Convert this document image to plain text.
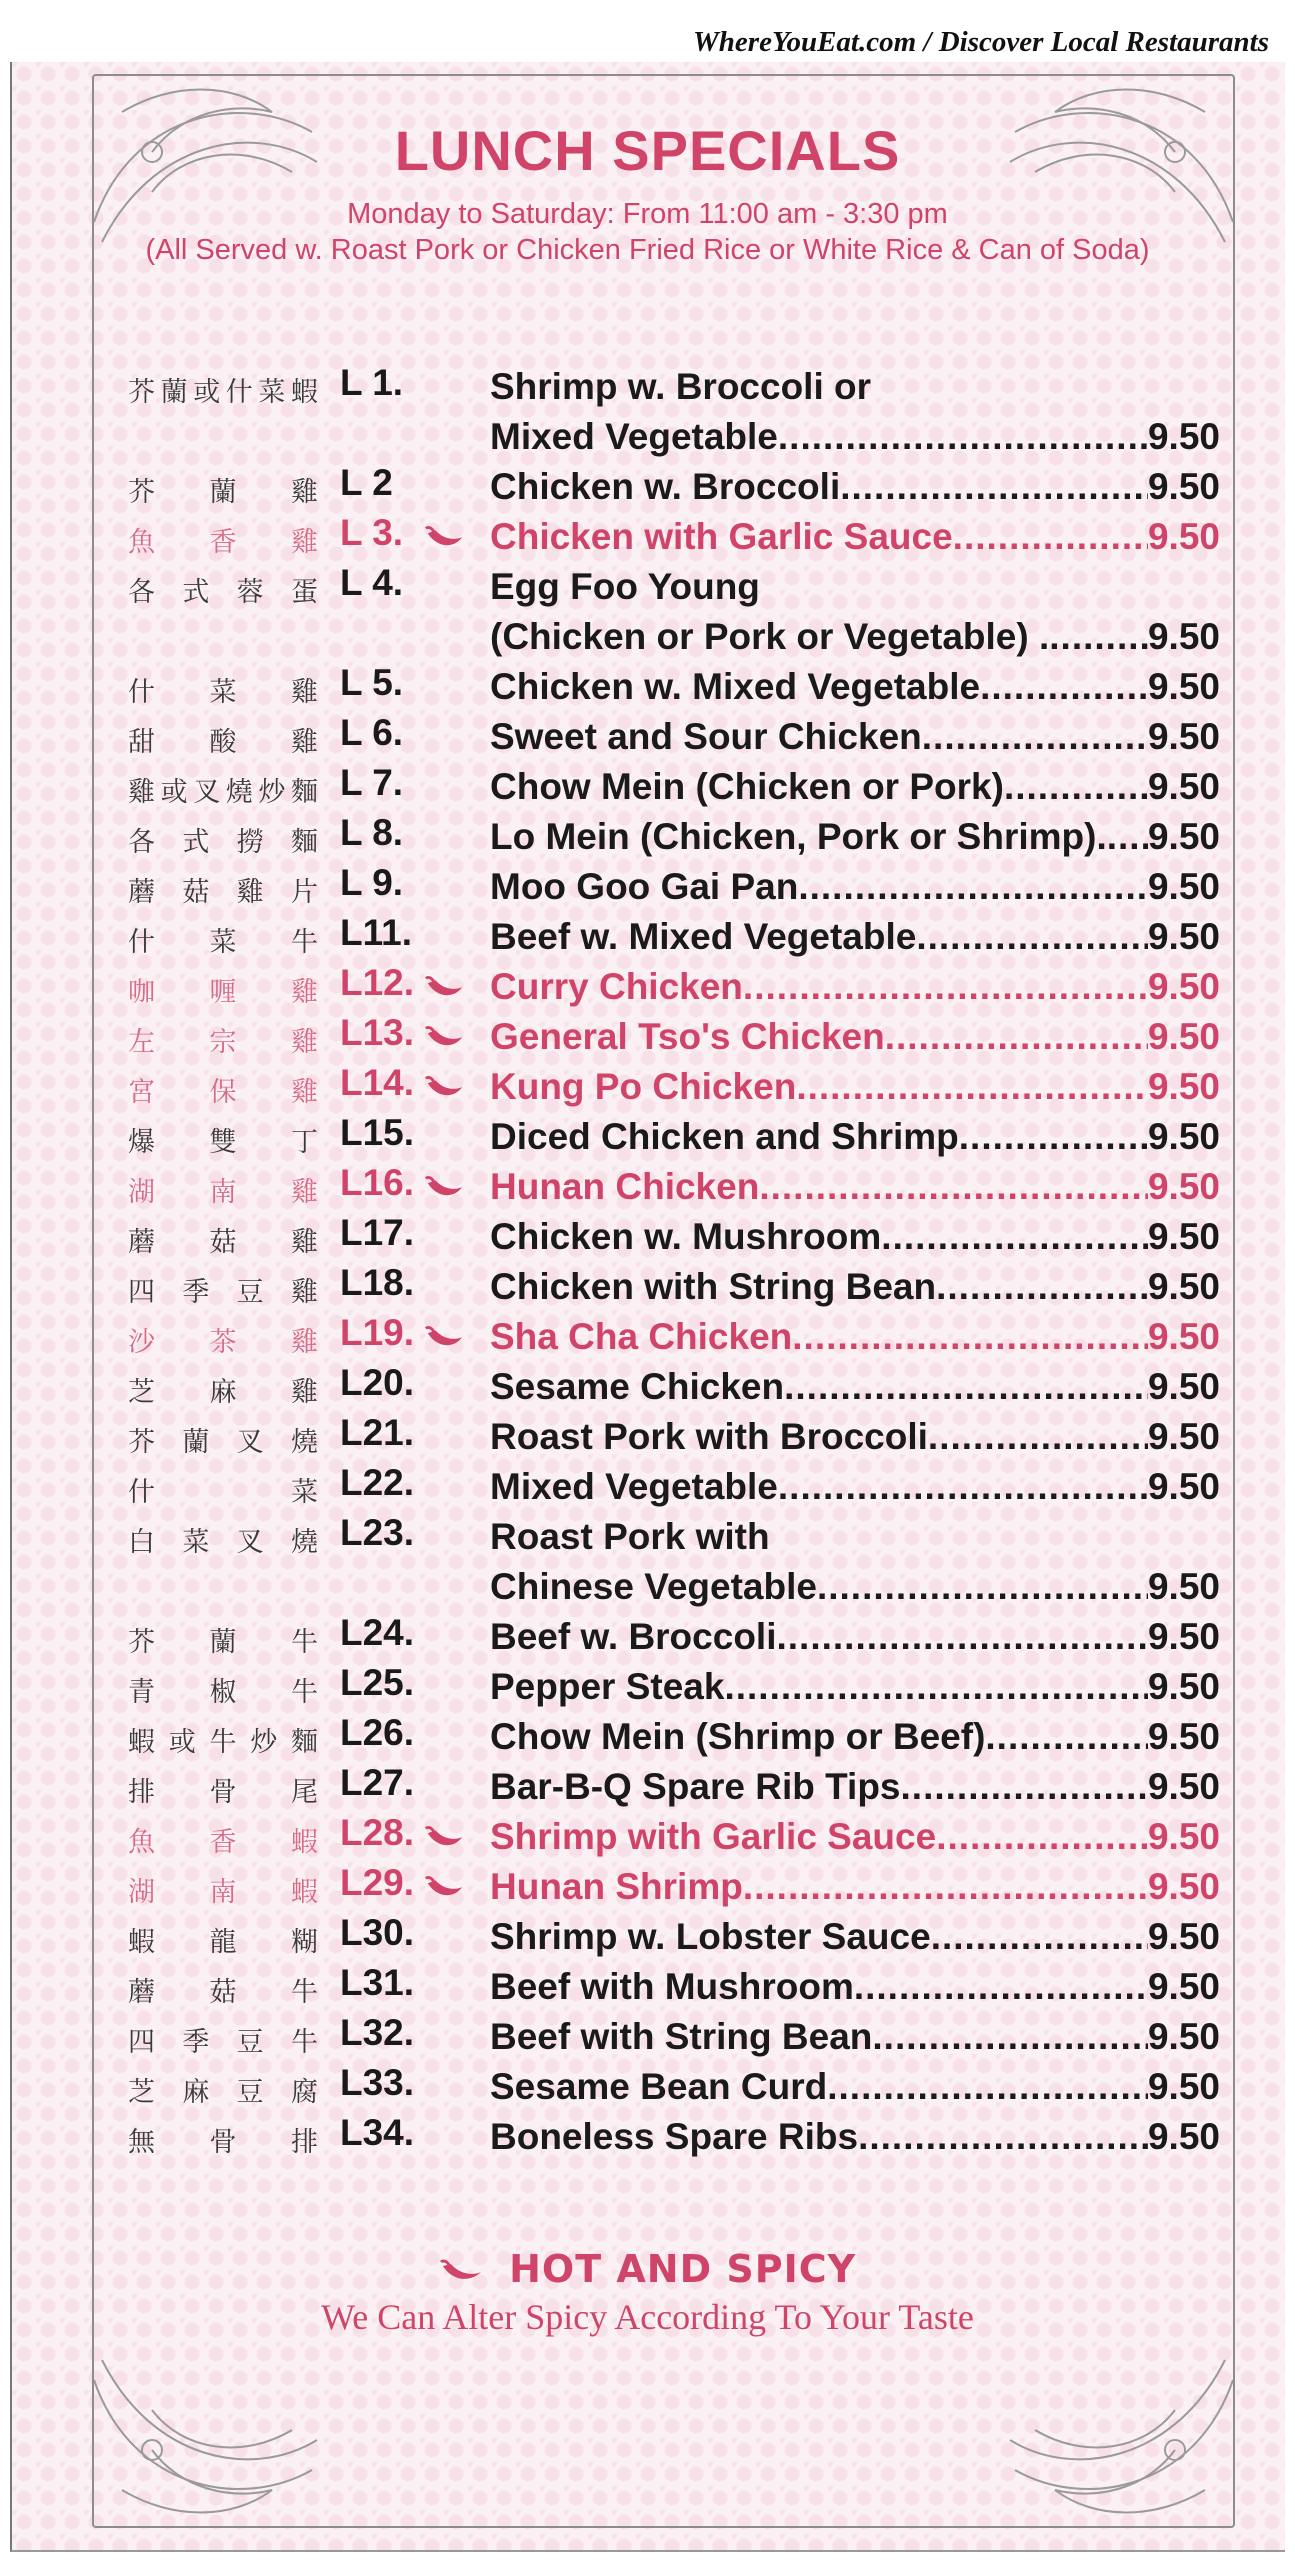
WhereYouEat.com / Discover Local Restaurants
LUNCH SPECIALS
Monday to Saturday: From 11:00 am - 3:30 pm
(All Served w. Roast Pork or Chicken Fried Rice or White Rice & Can of Soda)
芥 蘭 或 什 菜 蝦 L 1. Shrimp w. Broccoli or
Mixed Vegetable .....	9.50
芥 蘭 雞 L 2	Chicken w. Broccoli .....	9.50
魚 香 雞 L 3. Chicken with Garlic Sauce .....	9.50
各 式 蓉 蛋 L 4. Egg Foo Young
(Chicken or Pork or Vegetable) . .....	9.50
什 菜 雞 L 5. Chicken w. Mixed Vegetable .....	9.50
甜 酸 雞 L 6. Sweet and Sour Chicken .....	9.50
雞 或 叉 燒 炒 麵 L 7. Chow Mein (Chicken or Pork) .....	9.50
各 式 撈 麵 L 8. Lo Mein (Chicken, Pork or Shrimp). ..... 9.50
蘑 菇 雞 片 L 9. Moo Goo Gai Pan .....	9.50
什 菜 牛 L11. Beef w. Mixed Vegetable .....	9.50
咖 喱 雞 L12. Curry Chicken .....	9.50
左 宗 雞 L13. General Tso's Chicken .....	9.50
宮 保 雞 L14. Kung Po Chicken .....	9.50
爆 雙 丁 L15. Diced Chicken and Shrimp .....	9.50
湖 南 雞 L16. Hunan Chicken .....	9.50
蘑 菇 雞 L17. Chicken w. Mushroom .....	9.50
四 季 豆 雞 L18. Chicken with String Bean .....	9.50
沙 茶 雞 L19. Sha Cha Chicken .....	9.50
芝 麻 雞 L20. Sesame Chicken .....	9.50
芥 蘭 叉 燒 L21. Roast Pork with Broccoli .....	9.50
什	菜 L22. Mixed Vegetable .....	9.50
白 菜 叉 燒 L23. Roast Pork with
Chinese Vegetable .....	9.50
芥 蘭 牛 L24. Beef w. Broccoli .....	9.50
青 椒 牛 L25. Pepper Steak .....	9.50
蝦 或 牛 炒 麵 L26. Chow Mein (Shrimp or Beef) .....	9.50
排 骨 尾 L27. Bar-B-Q Spare Rib Tips .....	9.50
魚 香 蝦 L28. Shrimp with Garlic Sauce .....	9.50
湖 南 蝦 L29. Hunan Shrimp .....	9.50
蝦 龍 糊 L30. Shrimp w. Lobster Sauce .....	9.50
蘑 菇 牛 L31. Beef with Mushroom .....	9.50
四 季 豆 牛 L32. Beef with String Bean .....	9.50
芝 麻 豆 腐 L33. Sesame Bean Curd .....	9.50
無 骨 排 L34. Boneless Spare Ribs .....	9.50
HOT AND SPICY
We Can Alter Spicy According To Your Taste
